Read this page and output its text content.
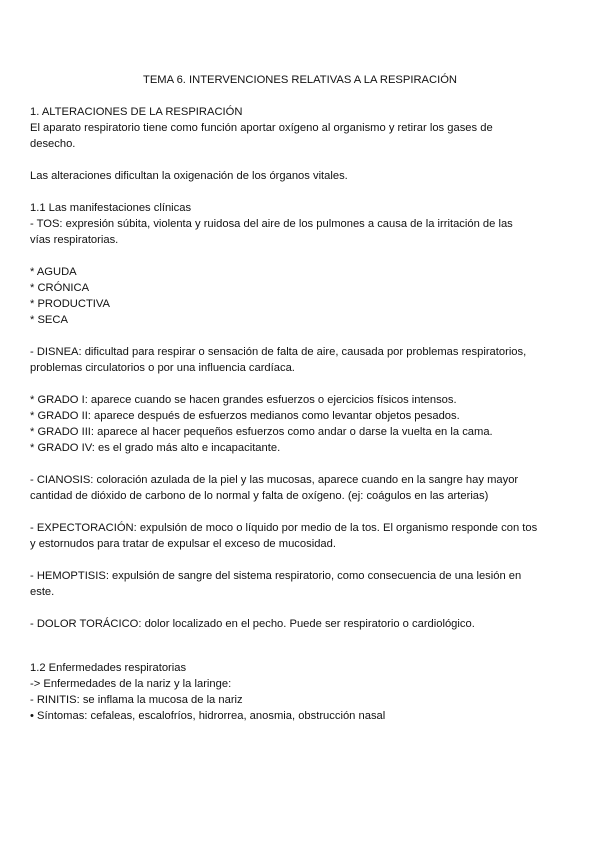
TEMA 6. INTERVENCIONES RELATIVAS A LA RESPIRACIÓN

1. ALTERACIONES DE LA RESPIRACIÓN

El aparato respiratorio tiene como función aportar oxígeno al organismo y retirar los gases de

desecho.

Las alteraciones dificultan la oxigenación de los órganos vitales.

1.1 Las manifestaciones clínicas

- TOS: expresión súbita, violenta y ruidosa del aire de los pulmones a causa de la irritación de las

vías respiratorias.

* AGUDA

* CRÓNICA

* PRODUCTIVA

* SECA

- DISNEA: dificultad para respirar o sensación de falta de aire, causada por problemas respiratorios,

problemas circulatorios o por una influencia cardíaca.

* GRADO I: aparece cuando se hacen grandes esfuerzos o ejercicios físicos intensos.

* GRADO II: aparece después de esfuerzos medianos como levantar objetos pesados.

* GRADO III: aparece al hacer pequeños esfuerzos como andar o darse la vuelta en la cama.

* GRADO IV: es el grado más alto e incapacitante.

- CIANOSIS: coloración azulada de la piel y las mucosas, aparece cuando en la sangre hay mayor

cantidad de dióxido de carbono de lo normal y falta de oxígeno. (ej: coágulos en las arterias)

- EXPECTORACIÓN: expulsión de moco o líquido por medio de la tos. El organismo responde con tos

y estornudos para tratar de expulsar el exceso de mucosidad.

- HEMOPTISIS: expulsión de sangre del sistema respiratorio, como consecuencia de una lesión en

este.

- DOLOR TORÁCICO: dolor localizado en el pecho. Puede ser respiratorio o cardiológico.

1.2 Enfermedades respiratorias

-> Enfermedades de la nariz y la laringe:

- RINITIS: se inflama la mucosa de la nariz

• Síntomas: cefaleas, escalofríos, hidrorrea, anosmia, obstrucción nasal
